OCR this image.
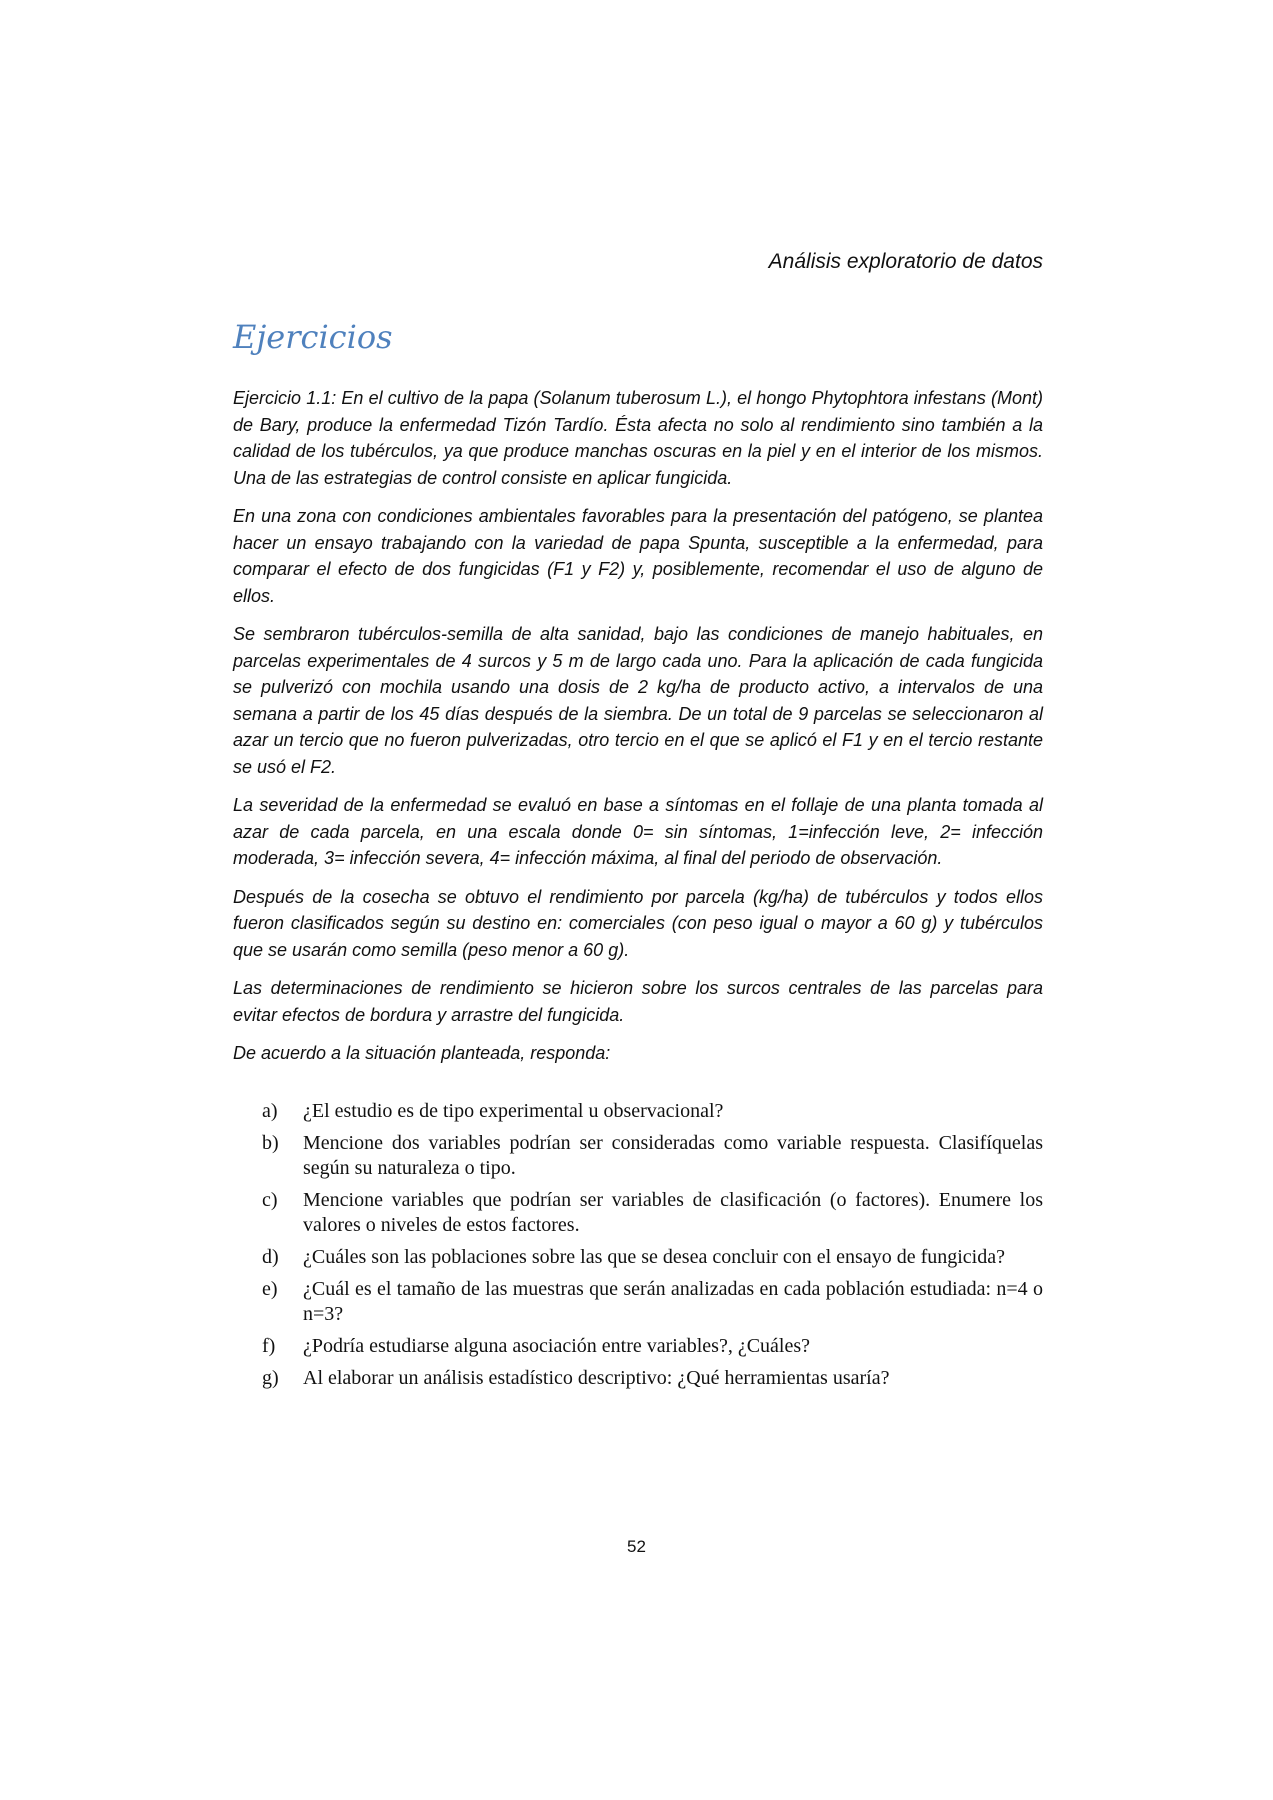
Análisis exploratorio de datos
Ejercicios

Ejercicio 1.1: En el cultivo de la papa (Solanum tuberosum L.), el hongo Phytophtora infestans (Mont) de Bary, produce la enfermedad Tizón Tardío. Ésta afecta no solo al rendimiento sino también a la calidad de los tubérculos, ya que produce manchas oscuras en la piel y en el interior de los mismos. Una de las estrategias de control consiste en aplicar fungicida.

En una zona con condiciones ambientales favorables para la presentación del patógeno, se plantea hacer un ensayo trabajando con la variedad de papa Spunta, susceptible a la enfermedad, para comparar el efecto de dos fungicidas (F1 y F2) y, posiblemente, recomendar el uso de alguno de ellos.

Se sembraron tubérculos-semilla de alta sanidad, bajo las condiciones de manejo habituales, en parcelas experimentales de 4 surcos y 5 m de largo cada uno. Para la aplicación de cada fungicida se pulverizó con mochila usando una dosis de 2 kg/ha de producto activo, a intervalos de una semana a partir de los 45 días después de la siembra. De un total de 9 parcelas se seleccionaron al azar un tercio que no fueron pulverizadas, otro tercio en el que se aplicó el F1 y en el tercio restante se usó el F2.

La severidad de la enfermedad se evaluó en base a síntomas en el follaje de una planta tomada al azar de cada parcela, en una escala donde 0= sin síntomas, 1=infección leve, 2= infección moderada, 3= infección severa, 4= infección máxima, al final del periodo de observación.

Después de la cosecha se obtuvo el rendimiento por parcela (kg/ha) de tubérculos y todos ellos fueron clasificados según su destino en: comerciales (con peso igual o mayor a 60 g) y tubérculos que se usarán como semilla (peso menor a 60 g).

Las determinaciones de rendimiento se hicieron sobre los surcos centrales de las parcelas para evitar efectos de bordura y arrastre del fungicida.

De acuerdo a la situación planteada, responda:

a)	¿El estudio es de tipo experimental u observacional?
b)	Mencione dos variables podrían ser consideradas como variable respuesta. Clasifíquelas según su naturaleza o tipo.
c)	Mencione variables que podrían ser variables de clasificación (o factores). Enumere los valores o niveles de estos factores.
d)	¿Cuáles son las poblaciones sobre las que se desea concluir con el ensayo de fungicida?
e)	¿Cuál es el tamaño de las muestras que serán analizadas en cada población estudiada: n=4 o n=3?
f)	¿Podría estudiarse alguna asociación entre variables?, ¿Cuáles?
g)	Al elaborar un análisis estadístico descriptivo: ¿Qué herramientas usaría?
52
